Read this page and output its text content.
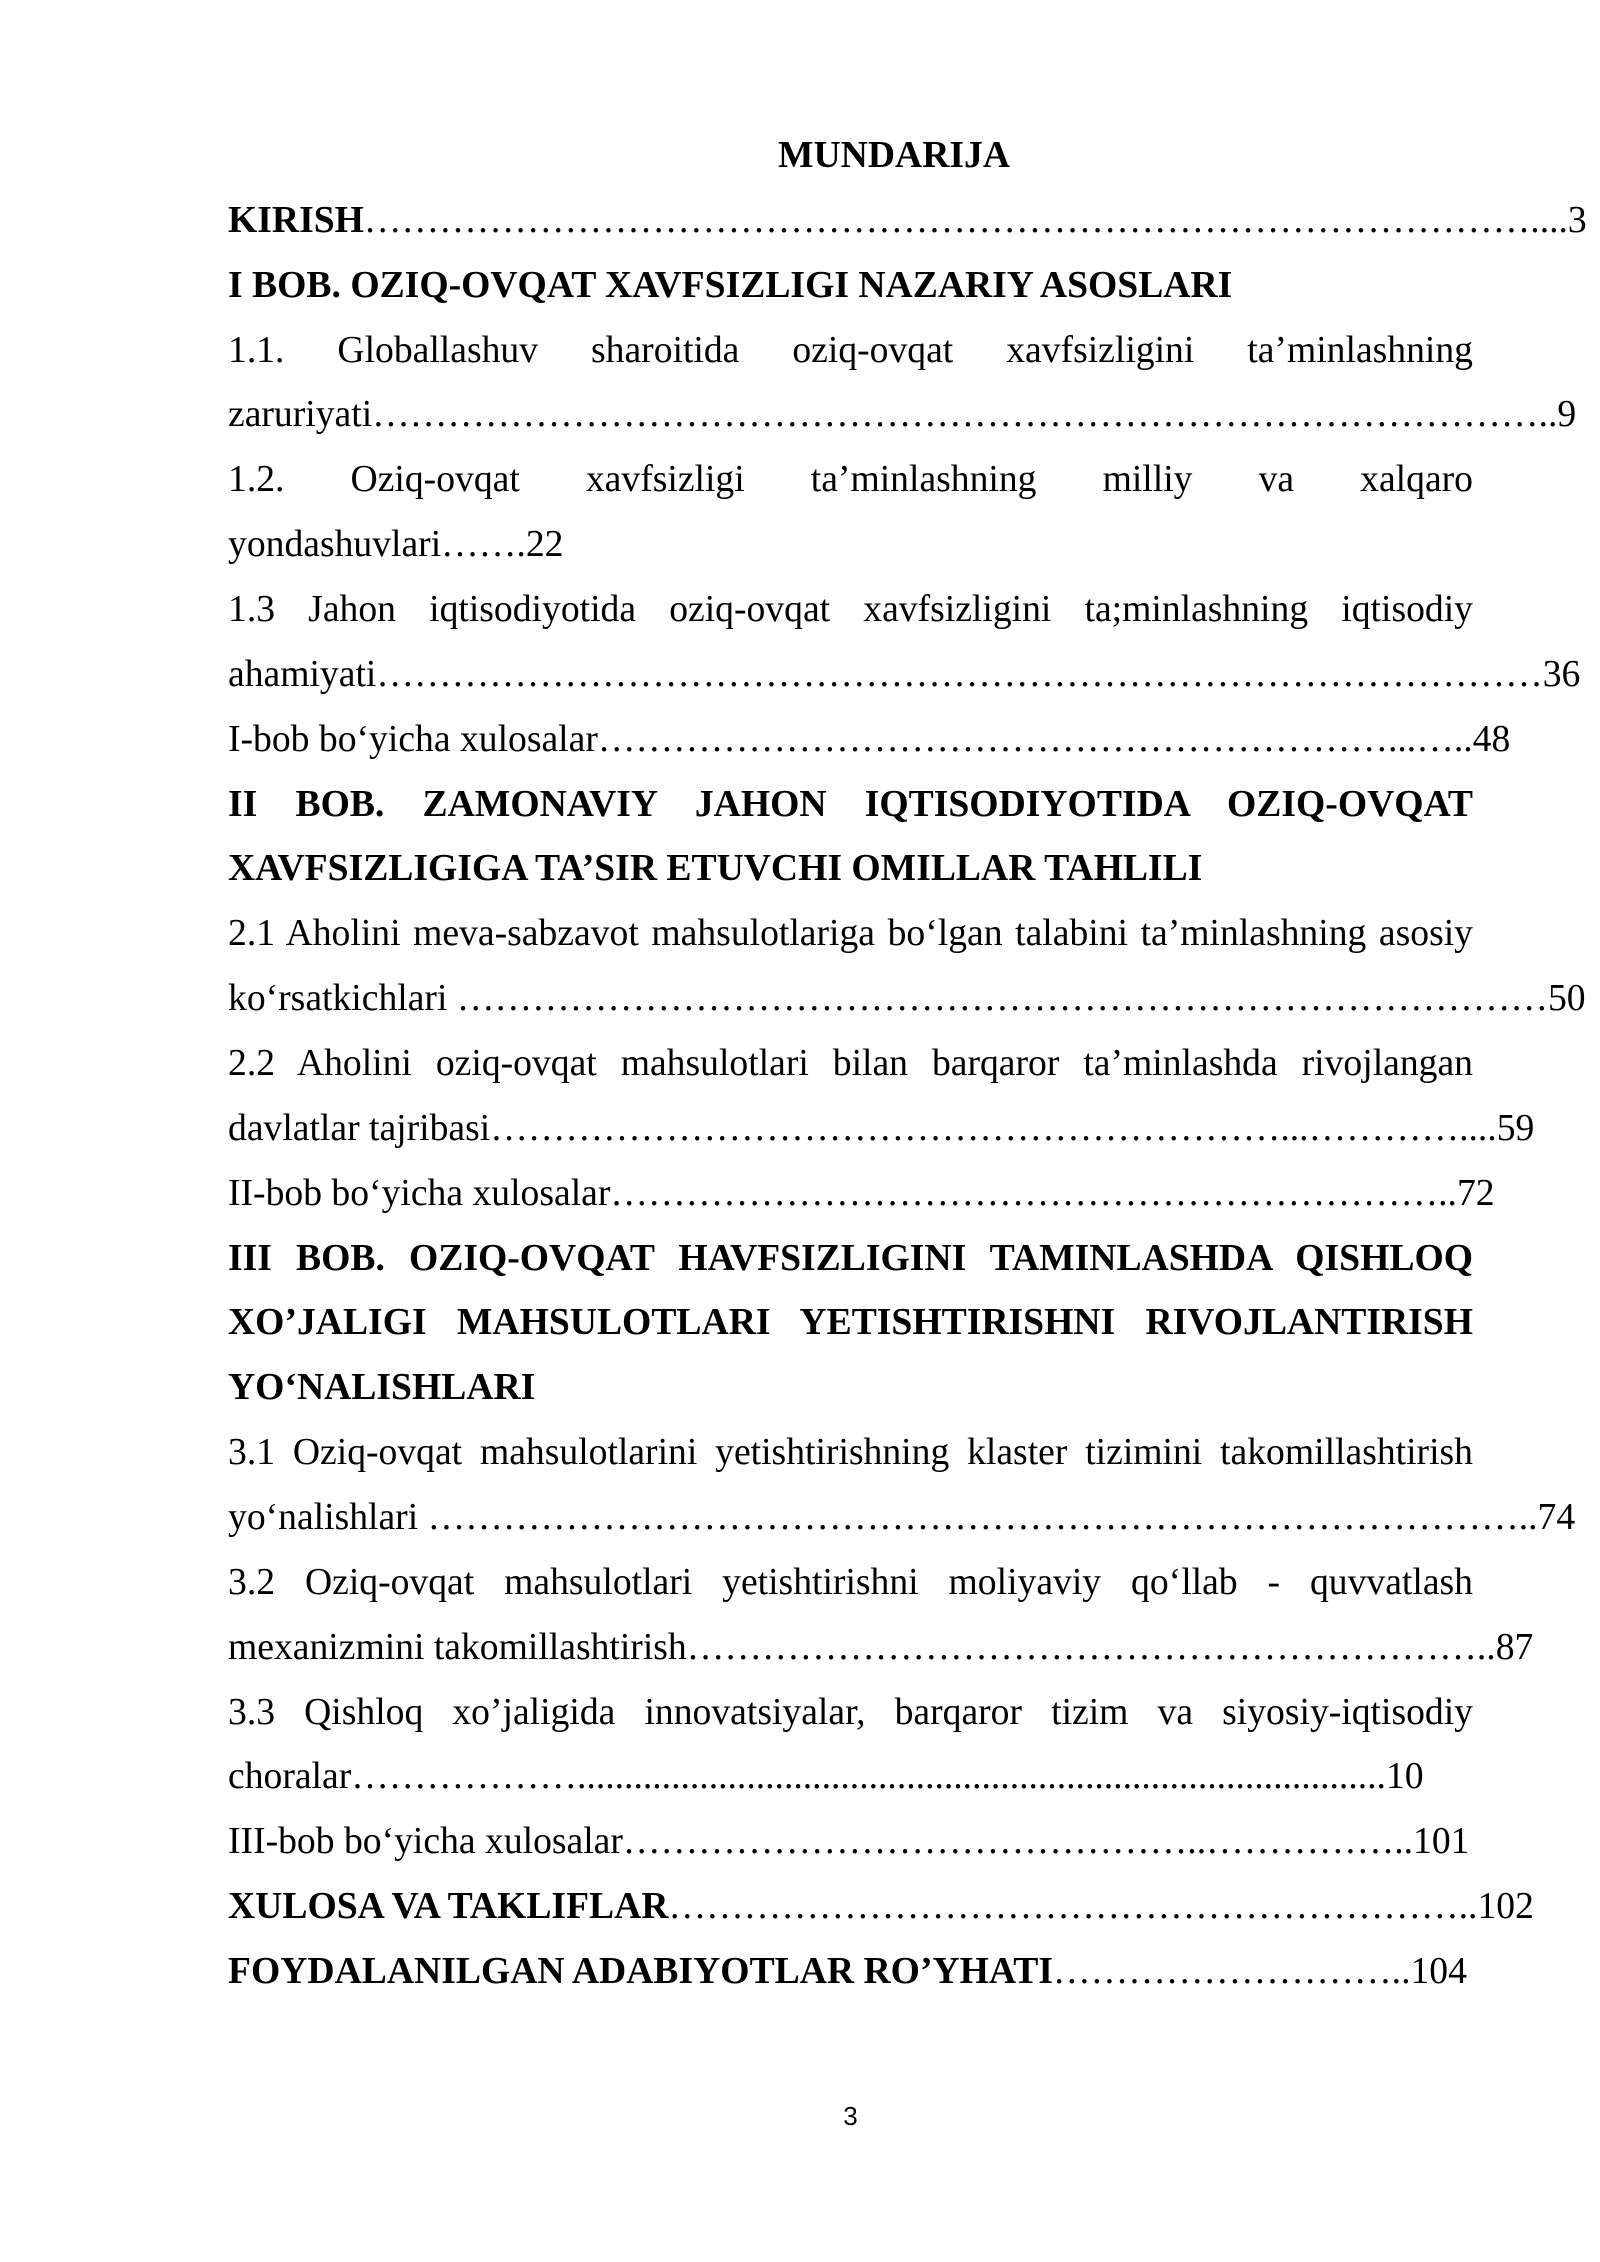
MUNDARIJA
KIRISH…………………………………………………………………………………....3
I BOB. OZIQ-OVQAT XAVFSIZLIGI NAZARIY ASOSLARI
1.1. Globallashuv sharoitida oziq-ovqat xavfsizligini ta’minlashning
zaruriyati…………………………………………………………………………………..9
1.2. Oziq-ovqat xavfsizligi ta’minlashning milliy va xalqaro
yondashuvlari…….22
1.3 Jahon iqtisodiyotida oziq-ovqat xavfsizligini ta;minlashning iqtisodiy
ahamiyati…………………………………………………………………………………36
I-bob bo‘yicha xulosalar………………………………………………………...…..48
II BOB. ZAMONAVIY JAHON IQTISODIYOTIDA OZIQ-OVQAT
XAVFSIZLIGIGA TA’SIR ETUVCHI OMILLAR TAHLILI
2.1 Aholini meva-sabzavot mahsulotlariga bo‘lgan talabini ta’minlashning asosiy
ko‘rsatkichlari ……………………………………………………………………………50
2.2 Aholini oziq-ovqat mahsulotlari bilan barqaror ta’minlashda rivojlangan
davlatlar tajribasi………………………………………………………...…………....59
II-bob bo‘yicha xulosalar…………………………………………………………..72
III BOB. OZIQ-OVQAT HAVFSIZLIGINI TAMINLASHDA QISHLOQ
XO’JALIGI MAHSULOTLARI YETISHTIRISHNI RIVOJLANTIRISH
YO‘NALISHLARI
3.1 Oziq-ovqat mahsulotlarini yetishtirishning klaster tizimini takomillashtirish
yo‘nalishlari ……………………………………………………………………………..74
3.2 Oziq-ovqat mahsulotlari yetishtirishni moliyaviy qo‘llab - quvvatlash
mexanizmini takomillashtirish………………………………………………………..87
3.3 Qishloq xo’jaligida innovatsiyalar, barqaror tizim va siyosiy-iqtisodiy
choralar………………......................................................................................10
III-bob bo‘yicha xulosalar………………………………………..……………..101
XULOSA VA TAKLIFLAR………………………………………………………..102
FOYDALANILGAN ADABIYOTLAR RO’YHATI………………………..104
3
